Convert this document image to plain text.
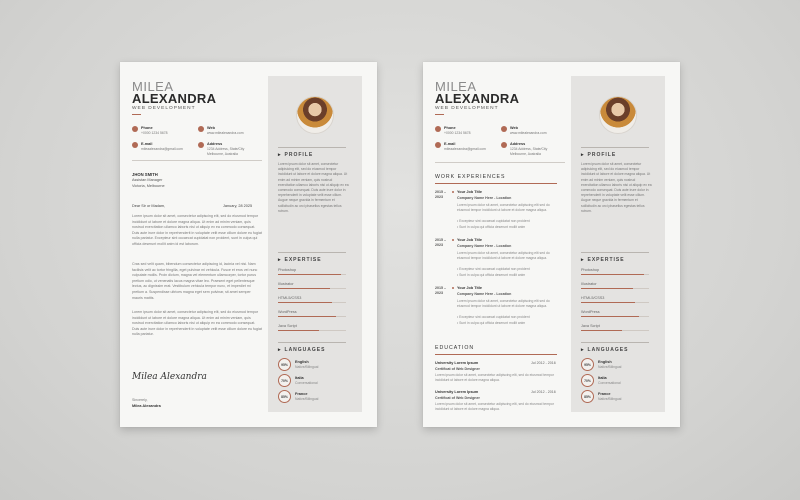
MILEA
ALEXANDRA
WEB DEVELOPMENT
Phone
+0000 1234 5678
Web
www.milealexandra.com
E-mail
mileaalexandra@gmail.com
Address
1234 Address, State/City Melbourne, Australia
JHON SMITH
Assistan Manager
Victoria, Melbourne
Dear Sir or Madam,	January, 28 2025
Lorem ipsum dolor sit amet, consectetur adipiscing elit, sed do eiusmod tempor incididunt ut labore et dolore magna aliqua. Ut enim ad minim veniam, quis nostrud exercitation ullamco laboris nisi ut aliquip ex ea commodo consequat. Duis aute irure dolor in reprehenderit in voluptate velit esse cillum dolore eu fugiat nulla pariatur. Excepteur sint occaecat cupidatat non proident, sunt in culpa qui officia deserunt mollit anim id est laborum.
Cras sed velit quam, bibendum consectetur adipiscing id, lacinia vel nisi. Nam facilisis velit ac tortor fringilla, eget pulvinar mi vehicula. Fusce et eros vel nunc vulputate mollis. Proin dictum, magna vel elementum ullamcorper, tortor purus pretium odio, ut venenatis lacus magna vitae leo. Praesent eget pellentesque lectus, ac dignissim erat. Vestibulum vehicula tempor nunc, et imperdiet mi pretium a. Suspendisse ultrices magna eget sem pulvinar, sit amet semper mauris mattis.
Lorem ipsum dolor sit amet, consectetur adipiscing elit, sed do eiusmod tempor incididunt ut labore et dolore magna aliqua. Ut enim ad minim veniam, quis nostrud exercitation ullamco laboris nisi ut aliquip ex ea commodo consequat. Duis aute irure dolor in reprehenderit in voluptate velit esse cillum dolore eu fugiat nulla pariatur.
Milea Alexandra
Sincerely,
Milea Alexandra
▸ PROFILE
Lorem ipsum dolor sit amet, consectetur adipisicing elit, sed do eiusmod tempor incididunt ut labore et dolore magna aliqua. Ut enim ad minim veniam, quis nostrud exercitation ullamco laboris nisi ut aliquip ex ea commodo consequat. Duis aute irure dolor in reprehenderit in voluptate velit esse cillum. Augue neque gravida in fermentum et sollicitudin ac orci phasellus egestas tellus rutrum.
▸ EXPERTISE
Photoshop
Illustrator
HTML5/CSS3
WordPress
Java Script
▸ LANGUAGES
95%
English
Native/Bilingual
70%
Italia
Conversational
85%
France
Native/Bilingual
MILEA
ALEXANDRA
WEB DEVELOPMENT
Phone
+0000 1234 5678
Web
www.milealexandra.com
E-mail
mileaalexandra@gmail.com
Address
1234 Address, State/City Melbourne, Australia
WORK EXPERIENCES
2015 – 2023
Your Job Title
Company Name Here - Location
Lorem ipsum dolor sit amet, consectetur adipiscing elit sed do eiusmod tempor incididunt ut labore et dolore magna aliqua.
• Excepteur sint occaecat cupidatat non proident
• Sunt in culpa qui officia deserunt mollit anim
2015 – 2023
Your Job Title
Company Name Here - Location
Lorem ipsum dolor sit amet, consectetur adipiscing elit sed do eiusmod tempor incididunt ut labore et dolore magna aliqua.
• Excepteur sint occaecat cupidatat non proident
• Sunt in culpa qui officia deserunt mollit anim
2015 – 2023
Your Job Title
Company Name Here - Location
Lorem ipsum dolor sit amet, consectetur adipiscing elit sed do eiusmod tempor incididunt ut labore et dolore magna aliqua.
• Excepteur sint occaecat cupidatat non proident
• Sunt in culpa qui officia deserunt mollit anim
EDUCATION
University Lorem Ipsum	Jul 2012 - 2016
Certificat of Web Designer
Lorem ipsum dolor sit amet, consectetur adipiscing elit, sed do eiusmod tempor incididunt ut labore et dolore magna aliqua.
University Lorem Ipsum	Jul 2012 - 2016
Certificat of Web Designer
Lorem ipsum dolor sit amet, consectetur adipiscing elit, sed do eiusmod tempor incididunt ut labore et dolore magna aliqua.
▸ PROFILE
Lorem ipsum dolor sit amet, consectetur adipisicing elit, sed do eiusmod tempor incididunt ut labore et dolore magna aliqua. Ut enim ad minim veniam, quis nostrud exercitation ullamco laboris nisi ut aliquip ex ea commodo consequat. Duis aute irure dolor in reprehenderit in voluptate velit esse cillum. Augue neque gravida in fermentum et sollicitudin ac orci phasellus egestas tellus rutrum.
▸ EXPERTISE
Photoshop
Illustrator
HTML5/CSS3
WordPress
Java Script
▸ LANGUAGES
95%
English
Native/Bilingual
70%
Italia
Conversational
85%
France
Native/Bilingual
